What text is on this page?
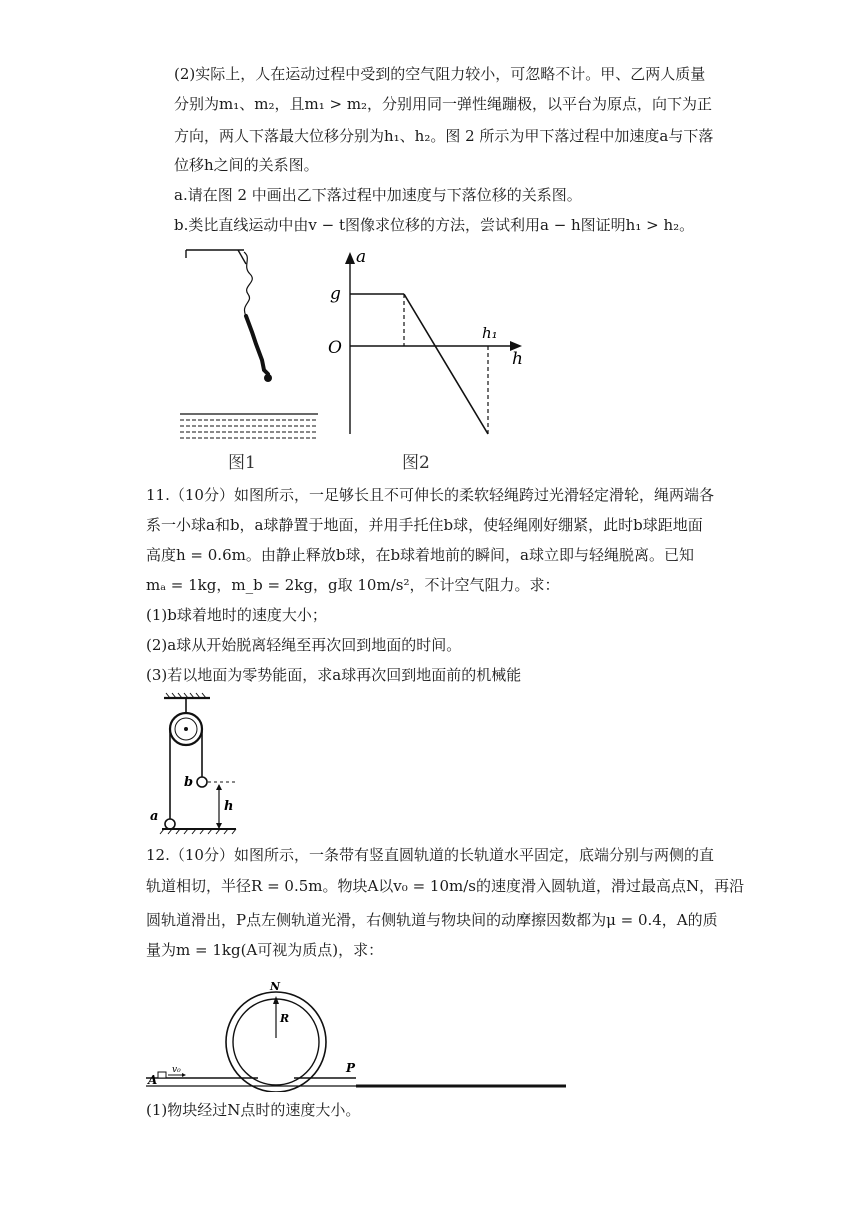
(2)实际上，人在运动过程中受到的空气阻力较小，可忽略不计。甲、乙两人质量
分别为m₁、m₂，且m₁ > m₂，分别用同一弹性绳蹦极，以平台为原点，向下为正
方向，两人下落最大位移分别为h₁、h₂。图 2 所示为甲下落过程中加速度a与下落
位移h之间的关系图。
a.请在图 2 中画出乙下落过程中加速度与下落位移的关系图。
b.类比直线运动中由v − t图像求位移的方法，尝试利用a − h图证明h₁ > h₂。
图1
a
h
O
g
h₁
图2
11.（10分）如图所示，一足够长且不可伸长的柔软轻绳跨过光滑轻定滑轮，绳两端各
系一小球a和b，a球静置于地面，并用手托住b球，使轻绳刚好绷紧，此时b球距地面
高度h = 0.6m。由静止释放b球，在b球着地前的瞬间，a球立即与轻绳脱离。已知
mₐ = 1kg，m_b = 2kg，g取 10m/s²，不计空气阻力。求：
(1)b球着地时的速度大小；
(2)a球从开始脱离轻绳至再次回到地面的时间。
(3)若以地面为零势能面，求a球再次回到地面前的机械能
b
a
h
12.（10分）如图所示，一条带有竖直圆轨道的长轨道水平固定，底端分别与两侧的直
轨道相切，半径R = 0.5m。物块A以v₀ = 10m/s的速度滑入圆轨道，滑过最高点N，再沿
圆轨道滑出，P点左侧轨道光滑，右侧轨道与物块间的动摩擦因数都为μ = 0.4，A的质
量为m = 1kg(A可视为质点)，求：
N
R
P
A
v₀
(1)物块经过N点时的速度大小。
